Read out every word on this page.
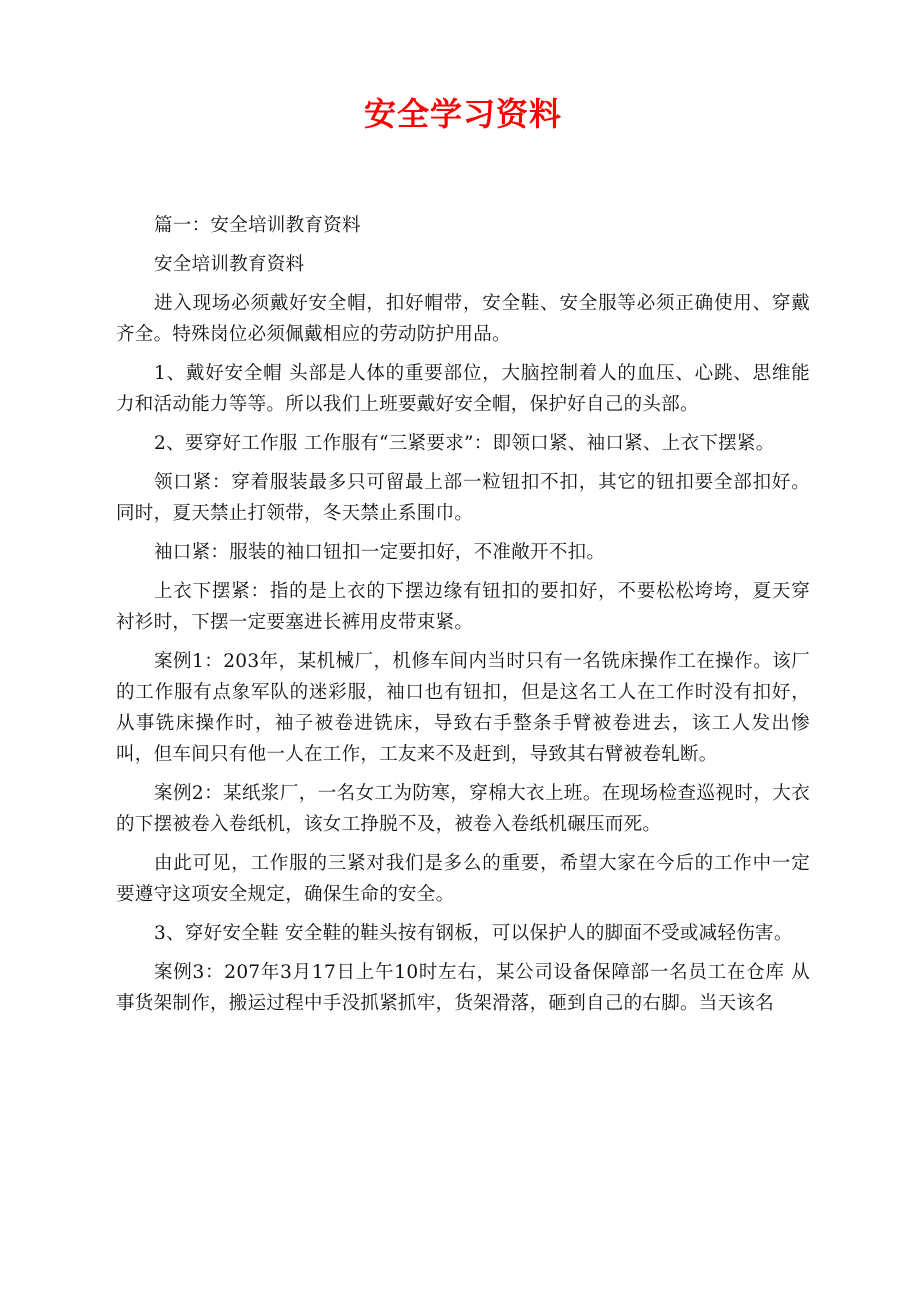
安全学习资料

篇一：安全培训教育资料

安全培训教育资料

进入现场必须戴好安全帽，扣好帽带，安全鞋、安全服等必须正确使用、穿戴齐全。特殊岗位必须佩戴相应的劳动防护用品。

1、戴好安全帽 头部是人体的重要部位，大脑控制着人的血压、心跳、思维能力和活动能力等等。所以我们上班要戴好安全帽，保护好自己的头部。

2、要穿好工作服 工作服有“三紧要求”：即领口紧、袖口紧、上衣下摆紧。

领口紧：穿着服装最多只可留最上部一粒钮扣不扣，其它的钮扣要全部扣好。同时，夏天禁止打领带，冬天禁止系围巾。

袖口紧：服装的袖口钮扣一定要扣好，不准敞开不扣。

上衣下摆紧：指的是上衣的下摆边缘有钮扣的要扣好，不要松松垮垮，夏天穿衬衫时，下摆一定要塞进长裤用皮带束紧。

案例1：203年，某机械厂，机修车间内当时只有一名铣床操作工在操作。该厂的工作服有点象军队的迷彩服，袖口也有钮扣，但是这名工人在工作时没有扣好，从事铣床操作时，袖子被卷进铣床，导致右手整条手臂被卷进去，该工人发出惨叫，但车间只有他一人在工作，工友来不及赶到，导致其右臂被卷轧断。

案例2：某纸浆厂，一名女工为防寒，穿棉大衣上班。在现场检查巡视时，大衣的下摆被卷入卷纸机，该女工挣脱不及，被卷入卷纸机碾压而死。

由此可见，工作服的三紧对我们是多么的重要，希望大家在今后的工作中一定要遵守这项安全规定，确保生命的安全。

3、穿好安全鞋 安全鞋的鞋头按有钢板，可以保护人的脚面不受或减轻伤害。

案例3：207年3月17日上午10时左右，某公司设备保障部一名员工在仓库 从事货架制作，搬运过程中手没抓紧抓牢，货架滑落，砸到自己的右脚。当天该名
